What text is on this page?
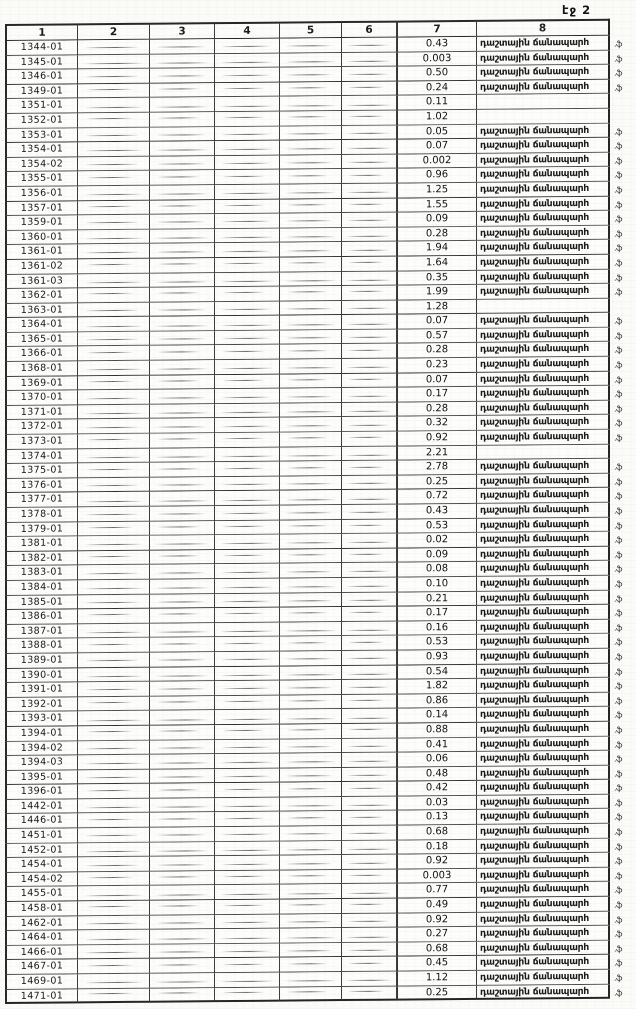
էջ 2
1	2	3	4	5	6	7	8
1344-01	0.43	դաշտային ճանապարհ	.ֆ
1345-01	0.003	դաշտային ճանապարհ	.ֆ
1346-01	0.50	դաշտային ճանապարհ	.ֆ
1349-01	0.24	դաշտային ճանապարհ	.ֆ
1351-01	0.11
1352-01	1.02
1353-01	0.05	դաշտային ճանապարհ	.ֆ
1354-01	0.07	դաշտային ճանապարհ	.ֆ
1354-02	0.002	դաշտային ճանապարհ	.ֆ
1355-01	0.96	դաշտային ճանապարհ	.ֆ
1356-01	1.25	դաշտային ճանապարհ	.ֆ
1357-01	1.55	դաշտային ճանապարհ	.ֆ
1359-01	0.09	դաշտային ճանապարհ	.ֆ
1360-01	0.28	դաշտային ճանապարհ	.ֆ
1361-01	1.94	դաշտային ճանապարհ	.ֆ
1361-02	1.64	դաշտային ճանապարհ	.ֆ
1361-03	0.35	դաշտային ճանապարհ	.ֆ
1362-01	1.99	դաշտային ճանապարհ	.ֆ
1363-01	1.28
1364-01	0.07	դաշտային ճանապարհ	.ֆ
1365-01	0.57	դաշտային ճանապարհ	.ֆ
1366-01	0.28	դաշտային ճանապարհ	.ֆ
1368-01	0.23	դաշտային ճանապարհ	.ֆ
1369-01	0.07	դաշտային ճանապարհ	.ֆ
1370-01	0.17	դաշտային ճանապարհ	.ֆ
1371-01	0.28	դաշտային ճանապարհ	.ֆ
1372-01	0.32	դաշտային ճանապարհ	.ֆ
1373-01	0.92	դաշտային ճանապարհ	.ֆ
1374-01	2.21
1375-01	2.78	դաշտային ճանապարհ	.ֆ
1376-01	0.25	դաշտային ճանապարհ	.ֆ
1377-01	0.72	դաշտային ճանապարհ	.ֆ
1378-01	0.43	դաշտային ճանապարհ	.ֆ
1379-01	0.53	դաշտային ճանապարհ	.ֆ
1381-01	0.02	դաշտային ճանապարհ	.ֆ
1382-01	0.09	դաշտային ճանապարհ	.ֆ
1383-01	0.08	դաշտային ճանապարհ	.ֆ
1384-01	0.10	դաշտային ճանապարհ	.ֆ
1385-01	0.21	դաշտային ճանապարհ	.ֆ
1386-01	0.17	դաշտային ճանապարհ	.ֆ
1387-01	0.16	դաշտային ճանապարհ	.ֆ
1388-01	0.53	դաշտային ճանապարհ	.ֆ
1389-01	0.93	դաշտային ճանապարհ	.ֆ
1390-01	0.54	դաշտային ճանապարհ	.ֆ
1391-01	1.82	դաշտային ճանապարհ	.ֆ
1392-01	0.86	դաշտային ճանապարհ	.ֆ
1393-01	0.14	դաշտային ճանապարհ	.ֆ
1394-01	0.88	դաշտային ճանապարհ	.ֆ
1394-02	0.41	դաշտային ճանապարհ	.ֆ
1394-03	0.06	դաշտային ճանապարհ	.ֆ
1395-01	0.48	դաշտային ճանապարհ	.ֆ
1396-01	0.42	դաշտային ճանապարհ	.ֆ
1442-01	0.03	դաշտային ճանապարհ	.ֆ
1446-01	0.13	դաշտային ճանապարհ	.ֆ
1451-01	0.68	դաշտային ճանապարհ	.ֆ
1452-01	0.18	դաշտային ճանապարհ	.ֆ
1454-01	0.92	դաշտային ճանապարհ	.ֆ
1454-02	0.003	դաշտային ճանապարհ	.ֆ
1455-01	0.77	դաշտային ճանապարհ	.ֆ
1458-01	0.49	դաշտային ճանապարհ	.ֆ
1462-01	0.92	դաշտային ճանապարհ	.ֆ
1464-01	0.27	դաշտային ճանապարհ	.ֆ
1466-01	0.68	դաշտային ճանապարհ	.ֆ
1467-01	0.45	դաշտային ճանապարհ	.ֆ
1469-01	1.12	դաշտային ճանապարհ	.ֆ
1471-01	0.25	դաշտային ճանապարհ	.ֆ
